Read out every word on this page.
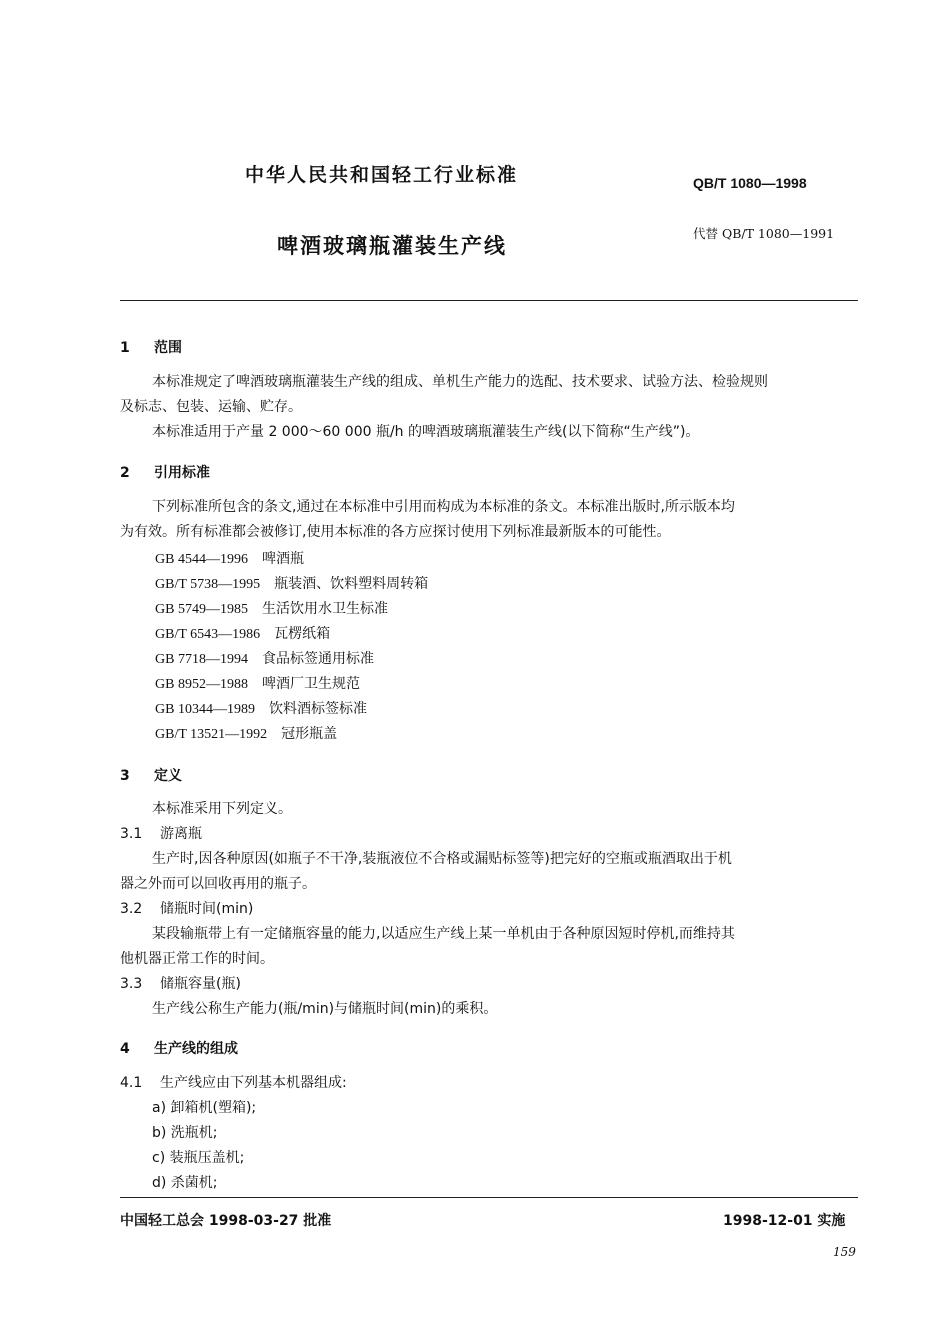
中华人民共和国轻工行业标准	QB/T 1080—1998
啤酒玻璃瓶灌装生产线
代替 QB/T 1080—1991
1 范围
本标准规定了啤酒玻璃瓶灌装生产线的组成、单机生产能力的选配、技术要求、试验方法、检验规则
及标志、包装、运输、贮存。
本标准适用于产量 2 000～60 000 瓶/h 的啤酒玻璃瓶灌装生产线(以下简称“生产线”)。
2 引用标准
下列标准所包含的条文,通过在本标准中引用而构成为本标准的条文。本标准出版时,所示版本均
为有效。所有标准都会被修订,使用本标准的各方应探讨使用下列标准最新版本的可能性。
GB 4544—1996 啤酒瓶
GB/T 5738—1995 瓶装酒、饮料塑料周转箱
GB 5749—1985 生活饮用水卫生标准
GB/T 6543—1986 瓦楞纸箱
GB 7718—1994 食品标签通用标准
GB 8952—1988 啤酒厂卫生规范
GB 10344—1989 饮料酒标签标准
GB/T 13521—1992 冠形瓶盖
3 定义
本标准采用下列定义。
3.1 游离瓶
生产时,因各种原因(如瓶子不干净,装瓶液位不合格或漏贴标签等)把完好的空瓶或瓶酒取出于机
器之外而可以回收再用的瓶子。
3.2 储瓶时间(min)
某段输瓶带上有一定储瓶容量的能力,以适应生产线上某一单机由于各种原因短时停机,而维持其
他机器正常工作的时间。
3.3 储瓶容量(瓶)
生产线公称生产能力(瓶/min)与储瓶时间(min)的乘积。
4 生产线的组成
4.1 生产线应由下列基本机器组成:
a) 卸箱机(塑箱);
b) 洗瓶机;
c) 装瓶压盖机;
d) 杀菌机;
中国轻工总会 1998-03-27 批准	1998-12-01 实施
159
